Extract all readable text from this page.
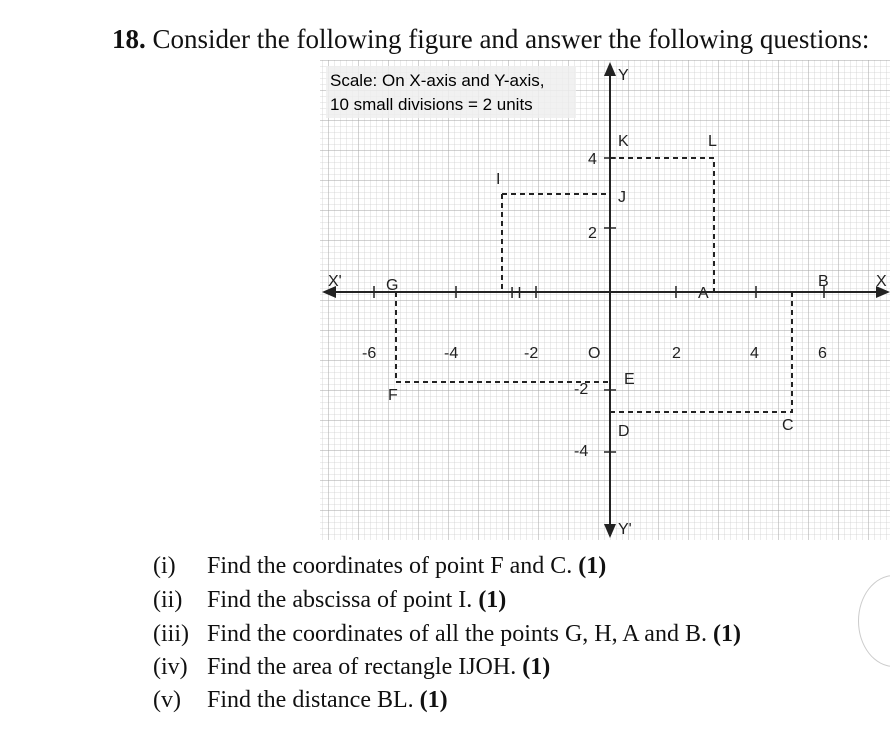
18. Consider the following figure and answer the following questions:
Scale: On X-axis and Y-axis,
10 small divisions = 2 units
Y
Y'
X'	X
-6	-4	-2	O	2	4	6
4
2
-2
-4
K	L
J
I
H
G	A
B
E
F
D	C
(i) Find the coordinates of point F and C. (1)
(ii) Find the abscissa of point I. (1)
(iii) Find the coordinates of all the points G, H, A and B. (1)
(iv) Find the area of rectangle IJOH. (1)
(v) Find the distance BL. (1)
